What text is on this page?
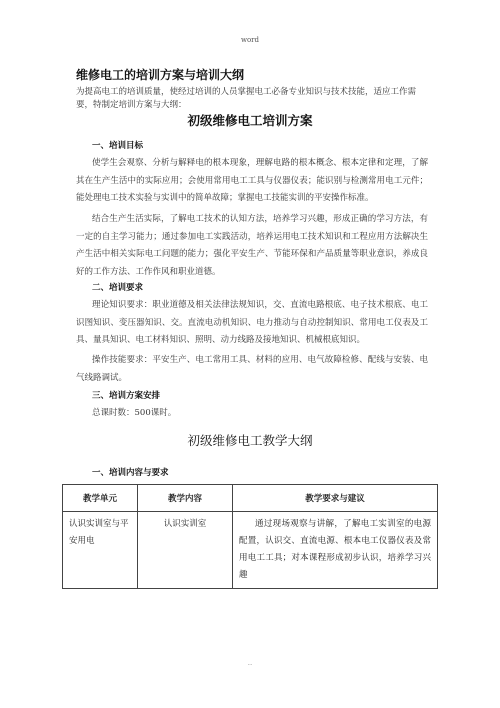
word
维修电工的培训方案与培训大纲
为提高电工的培训质量，使经过培训的人员掌握电工必备专业知识与技术技能，适应工作需要，特制定培训方案与大纲：
初级维修电工培训方案
一、培训目标
使学生会观察、分析与解释电的根本现象，理解电路的根本概念、根本定律和定理，了解其在生产生活中的实际应用；会使用常用电工工具与仪器仪表；能识别与检测常用电工元件；能处理电工技术实验与实训中的简单故障；掌握电工技能实训的平安操作标准。
结合生产生活实际，了解电工技术的认知方法，培养学习兴趣，形成正确的学习方法，有一定的自主学习能力；通过参加电工实践活动，培养运用电工技术知识和工程应用方法解决生产生活中相关实际电工问题的能力；强化平安生产、节能环保和产品质量等职业意识，养成良好的工作方法、工作作风和职业道德。
二、培训要求
理论知识要求：职业道德及相关法律法规知识，交、直流电路根底、电子技术根底、电工识图知识、变压器知识、交。直流电动机知识、电力推动与自动控制知识、常用电工仪表及工具、量具知识、电工材料知识、照明、动力线路及接地知识、机械根底知识。
操作技能要求：平安生产、电工常用工具、材料的应用、电气故障检修、配线与安装、电气线路调试。
三、培训方案安排
总课时数：500课时。
初级维修电工教学大纲
一、培训内容与要求
教学单元	教学内容	教学要求与建议
认识实训室与平安用电	认识实训室	通过现场观察与讲解，了解电工实训室的电源配置，认识交、直流电源、根本电工仪器仪表及常用电工工具；对本课程形成初步认识，培养学习兴趣
..
